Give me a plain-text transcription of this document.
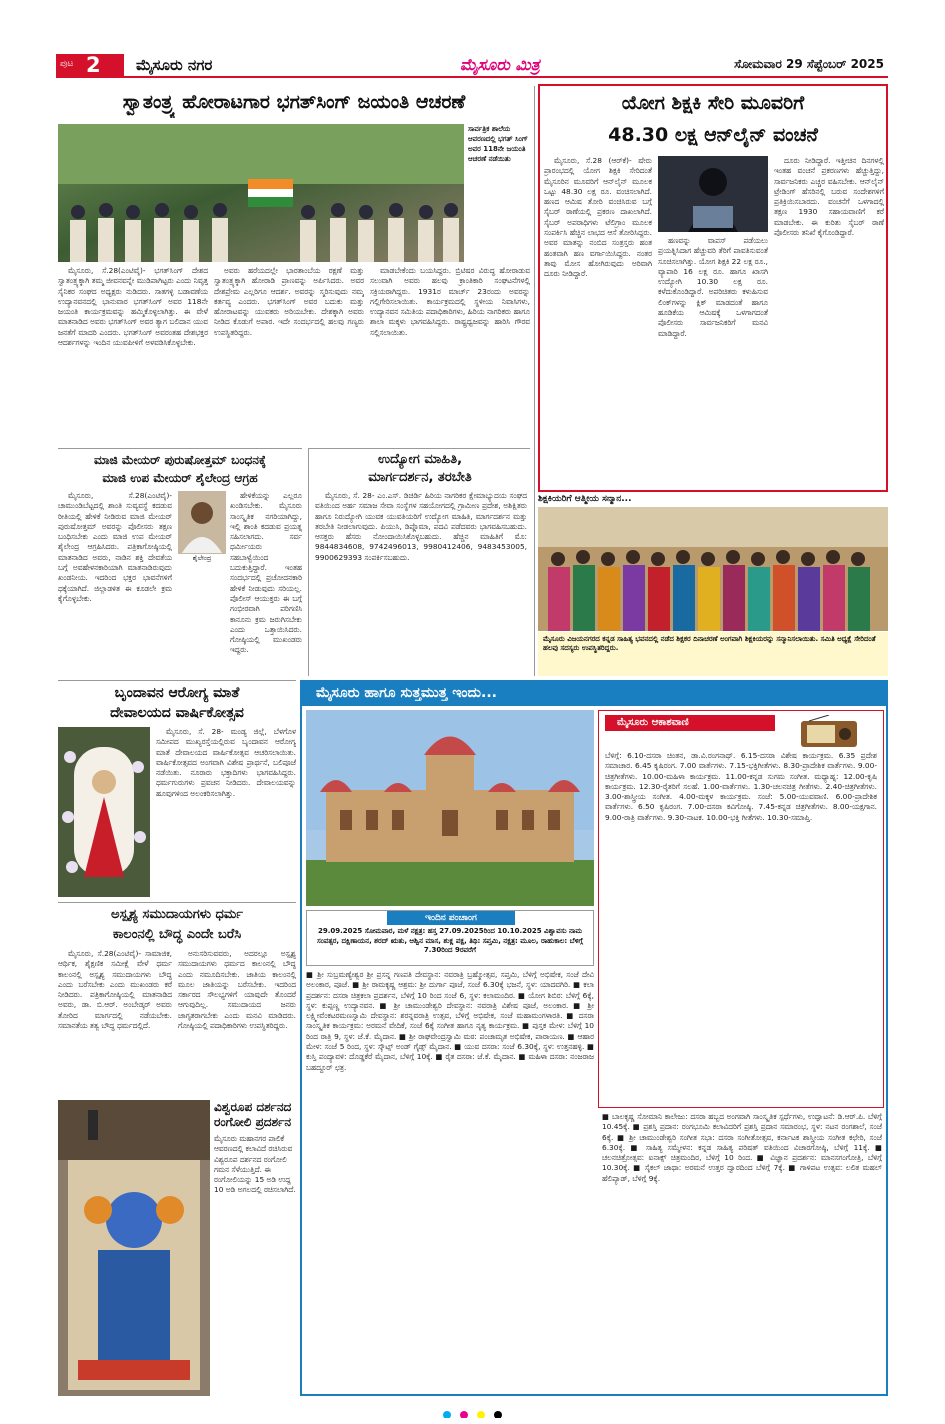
ಪುಟ 2 ಮೈಸೂರು ನಗರ	ಮೈಸೂರು ಮಿತ್ರ	ಸೋಮವಾರ 29 ಸೆಪ್ಟೆಂಬರ್ 2025
ಸ್ವಾತಂತ್ರ್ಯ ಹೋರಾಟಗಾರ ಭಗತ್‌ಸಿಂಗ್ ಜಯಂತಿ ಆಚರಣೆ
ಸಾರ್ವತ್ರಿಕ ಶಾಲೆಯ ಆವರಣದಲ್ಲಿ ಭಗತ್ ಸಿಂಗ್ ಅವರ 118ನೇ ಜಯಂತಿ ಆಚರಣೆ ನಡೆಯಿತು

ಮೈಸೂರು, ಸೆ.28(ಎಂಟಿವೈ)- ಭಗತ್‌ಸಿಂಗ್ ದೇಶದ ಸ್ವಾತಂತ್ರ್ಯಕ್ಕಾಗಿ ತಮ್ಮ ಜೀವನವನ್ನೇ ಮುಡಿಪಾಗಿಟ್ಟರು ಎಂದು ನಿವೃತ್ತ ಸೈನಿಕರ ಸಂಘದ ಅಧ್ಯಕ್ಷರು ನುಡಿದರು. ಸಾತಗಳ್ಳಿ ಬಡಾವಣೆಯ ಉದ್ಯಾನವನದಲ್ಲಿ ಭಾನುವಾರ ಭಗತ್‌ಸಿಂಗ್ ಅವರ 118ನೇ ಜಯಂತಿ ಕಾರ್ಯಕ್ರಮವನ್ನು ಹಮ್ಮಿಕೊಳ್ಳಲಾಗಿತ್ತು. ಈ ವೇಳೆ ಮಾತನಾಡಿದ ಅವರು ಭಗತ್‌ಸಿಂಗ್ ಅವರ ತ್ಯಾಗ ಬಲಿದಾನ ಯುವ ಜನತೆಗೆ ಮಾದರಿ ಎಂದರು. ಭಗತ್‌ಸಿಂಗ್ ಅವರಂತಹ ದೇಶಭಕ್ತರ ಆದರ್ಶಗಳನ್ನು ಇಂದಿನ ಯುವಪೀಳಿಗೆ ಅಳವಡಿಸಿಕೊಳ್ಳಬೇಕು.

ಅವರು ಹರೆಯದಲ್ಲೇ ಭಾರತಾಂಬೆಯ ರಕ್ಷಣೆ ಮತ್ತು ಸ್ವಾತಂತ್ರ್ಯಕ್ಕಾಗಿ ಹೋರಾಡಿ ಪ್ರಾಣವನ್ನು ಅರ್ಪಿಸಿದರು. ಅವರ ದೇಶಪ್ರೇಮ ಎಲ್ಲರಿಗೂ ಆದರ್ಶ. ಅವರನ್ನು ಸ್ಮರಿಸುವುದು ನಮ್ಮ ಕರ್ತವ್ಯ ಎಂದರು. ಭಗತ್‌ಸಿಂಗ್ ಅವರ ಬದುಕು ಮತ್ತು ಹೋರಾಟವನ್ನು ಯುವಕರು ಅರಿಯಬೇಕು. ದೇಶಕ್ಕಾಗಿ ಅವರು ನೀಡಿದ ಕೊಡುಗೆ ಅಪಾರ. ಇದೇ ಸಂದರ್ಭದಲ್ಲಿ ಹಲವು ಗಣ್ಯರು ಉಪಸ್ಥಿತರಿದ್ದರು.

ಮಾಡಬೇಕೆಂದು ಬಯಸಿದ್ದರು. ಬ್ರಿಟಿಷರ ವಿರುದ್ಧ ಹೋರಾಡುವ ಸಲುವಾಗಿ ಅವರು ಹಲವು ಕ್ರಾಂತಿಕಾರಿ ಸಂಘಟನೆಗಳಲ್ಲಿ ಸಕ್ರಿಯರಾಗಿದ್ದರು. 1931ರ ಮಾರ್ಚ್ 23ರಂದು ಅವರನ್ನು ಗಲ್ಲಿಗೇರಿಸಲಾಯಿತು. ಕಾರ್ಯಕ್ರಮದಲ್ಲಿ ಸ್ಥಳೀಯ ನಿವಾಸಿಗಳು, ಉದ್ಯಾನವನ ಸಮಿತಿಯ ಪದಾಧಿಕಾರಿಗಳು, ಹಿರಿಯ ನಾಗರಿಕರು ಹಾಗೂ ಶಾಲಾ ಮಕ್ಕಳು ಭಾಗವಹಿಸಿದ್ದರು. ರಾಷ್ಟ್ರಧ್ವಜವನ್ನು ಹಾರಿಸಿ ಗೌರವ ಸಲ್ಲಿಸಲಾಯಿತು.

ಯೋಗ ಶಿಕ್ಷಕಿ ಸೇರಿ ಮೂವರಿಗೆ
48.30 ಲಕ್ಷ ಆನ್‌ಲೈನ್ ವಂಚನೆ

ಮೈಸೂರು, ಸೆ.28 (ಆರ್‌ಕೆ)- ಷೇರು ಪ್ರಾರಂಭದಲ್ಲಿ ಯೋಗ ಶಿಕ್ಷಕಿ ಸೇರಿದಂತೆ ಮೈಸೂರಿನ ಮೂವರಿಗೆ ಆನ್‌ಲೈನ್ ಮೂಲಕ ಒಟ್ಟು 48.30 ಲಕ್ಷ ರೂ. ವಂಚಿಸಲಾಗಿದೆ. ಹಣದ ಆಮಿಷ ತೋರಿ ವಂಚಿಸಿರುವ ಬಗ್ಗೆ ಸೈಬರ್ ಠಾಣೆಯಲ್ಲಿ ಪ್ರಕರಣ ದಾಖಲಾಗಿದೆ. ಸೈಬರ್ ಅಪರಾಧಿಗಳು ಟೆಲಿಗ್ರಾಂ ಮೂಲಕ ಸಂಪರ್ಕಿಸಿ ಹೆಚ್ಚಿನ ಲಾಭದ ಆಸೆ ತೋರಿಸಿದ್ದರು. ಅವರ ಮಾತನ್ನು ನಂಬಿದ ಸಂತ್ರಸ್ತರು ಹಂತ ಹಂತವಾಗಿ ಹಣ ವರ್ಗಾಯಿಸಿದ್ದರು. ನಂತರ ತಾವು ಮೋಸ ಹೋಗಿರುವುದು ಅರಿವಾಗಿ ದೂರು ನೀಡಿದ್ದಾರೆ.

ಹಣವನ್ನು ವಾಪಸ್ ಪಡೆಯಲು ಪ್ರಯತ್ನಿಸಿದಾಗ ಹೆಚ್ಚುವರಿ ತೆರಿಗೆ ಪಾವತಿಸುವಂತೆ ಸೂಚಿಸಲಾಗಿತ್ತು. ಯೋಗ ಶಿಕ್ಷಕಿ 22 ಲಕ್ಷ ರೂ., ವ್ಯಾಪಾರಿ 16 ಲಕ್ಷ ರೂ. ಹಾಗೂ ಖಾಸಗಿ ಉದ್ಯೋಗಿ 10.30 ಲಕ್ಷ ರೂ. ಕಳೆದುಕೊಂಡಿದ್ದಾರೆ. ಅಪರಿಚಿತರು ಕಳುಹಿಸುವ ಲಿಂಕ್‌ಗಳನ್ನು ಕ್ಲಿಕ್ ಮಾಡದಂತೆ ಹಾಗೂ ಹೂಡಿಕೆಯ ಆಮಿಷಕ್ಕೆ ಒಳಗಾಗದಂತೆ ಪೊಲೀಸರು ಸಾರ್ವಜನಿಕರಿಗೆ ಮನವಿ ಮಾಡಿದ್ದಾರೆ.

ದೂರು ನೀಡಿದ್ದಾರೆ. ಇತ್ತೀಚಿನ ದಿನಗಳಲ್ಲಿ ಇಂತಹ ವಂಚನೆ ಪ್ರಕರಣಗಳು ಹೆಚ್ಚುತ್ತಿದ್ದು, ಸಾರ್ವಜನಿಕರು ಎಚ್ಚರ ವಹಿಸಬೇಕು. ಆನ್‌ಲೈನ್ ಟ್ರೇಡಿಂಗ್ ಹೆಸರಿನಲ್ಲಿ ಬರುವ ಸಂದೇಶಗಳಿಗೆ ಪ್ರತಿಕ್ರಿಯಿಸಬಾರದು. ವಂಚನೆಗೆ ಒಳಗಾದಲ್ಲಿ ತಕ್ಷಣ 1930 ಸಹಾಯವಾಣಿಗೆ ಕರೆ ಮಾಡಬೇಕು. ಈ ಕುರಿತು ಸೈಬರ್ ಠಾಣೆ ಪೊಲೀಸರು ತನಿಖೆ ಕೈಗೊಂಡಿದ್ದಾರೆ.

ಮಾಜಿ ಮೇಯರ್ ಪುರುಷೋತ್ತಮ್ ಬಂಧನಕ್ಕೆ
ಮಾಜಿ ಉಪ ಮೇಯರ್ ಶೈಲೇಂದ್ರ ಆಗ್ರಹ

ಮೈಸೂರು, ಸೆ.28(ಎಂಟಿವೈ)- ಚಾಮುಂಡಿಬೆಟ್ಟದಲ್ಲಿ ಶಾಂತಿ ಸುವ್ಯವಸ್ಥೆ ಕದಡುವ ರೀತಿಯಲ್ಲಿ ಹೇಳಿಕೆ ನೀಡಿರುವ ಮಾಜಿ ಮೇಯರ್ ಪುರುಷೋತ್ತಮ್ ಅವರನ್ನು ಪೊಲೀಸರು ತಕ್ಷಣ ಬಂಧಿಸಬೇಕು ಎಂದು ಮಾಜಿ ಉಪ ಮೇಯರ್ ಶೈಲೇಂದ್ರ ಆಗ್ರಹಿಸಿದರು. ಪತ್ರಿಕಾಗೋಷ್ಠಿಯಲ್ಲಿ ಮಾತನಾಡಿದ ಅವರು, ನಾಡಿನ ಶಕ್ತಿ ದೇವತೆಯ ಬಗ್ಗೆ ಅವಹೇಳನಕಾರಿಯಾಗಿ ಮಾತನಾಡಿರುವುದು ಖಂಡನೀಯ. ಇದರಿಂದ ಭಕ್ತರ ಭಾವನೆಗಳಿಗೆ ಧಕ್ಕೆಯಾಗಿದೆ. ಜಿಲ್ಲಾಡಳಿತ ಈ ಕೂಡಲೇ ಕ್ರಮ ಕೈಗೊಳ್ಳಬೇಕು.

ಶೈಲೇಂದ್ರ

ಹೇಳಿಕೆಯನ್ನು ಎಲ್ಲರೂ ಖಂಡಿಸಬೇಕು. ಮೈಸೂರು ಸಾಂಸ್ಕೃತಿಕ ನಗರಿಯಾಗಿದ್ದು, ಇಲ್ಲಿ ಶಾಂತಿ ಕದಡುವ ಪ್ರಯತ್ನ ಸಹಿಸಲಾಗದು. ಸರ್ವ ಧರ್ಮೀಯರು ಸಹಬಾಳ್ವೆಯಿಂದ ಬದುಕುತ್ತಿದ್ದಾರೆ. ಇಂತಹ ಸಂದರ್ಭದಲ್ಲಿ ಪ್ರಚೋದನಕಾರಿ ಹೇಳಿಕೆ ನೀಡುವುದು ಸರಿಯಲ್ಲ. ಪೊಲೀಸ್ ಆಯುಕ್ತರು ಈ ಬಗ್ಗೆ ಗಂಭೀರವಾಗಿ ಪರಿಗಣಿಸಿ ಕಾನೂನು ಕ್ರಮ ಜರುಗಿಸಬೇಕು ಎಂದು ಒತ್ತಾಯಿಸಿದರು. ಗೋಷ್ಠಿಯಲ್ಲಿ ಮುಖಂಡರು ಇದ್ದರು.

ಉದ್ಯೋಗ ಮಾಹಿತಿ,
ಮಾರ್ಗದರ್ಶನ, ತರಬೇತಿ

ಮೈಸೂರು, ಸೆ. 28- ಎಂ.ಎಸ್. ಡಿಚಿರ್ಡಿ ಹಿರಿಯ ನಾಗರಿಕರ ಕ್ಷೇಮಾಭ್ಯುದಯ ಸಂಘದ ವತಿಯಿಂದ ಅರ್ಹ ಸಮಾಜ ಸೇವಾ ಸಂಸ್ಥೆಗಳ ಸಹಯೋಗದಲ್ಲಿ ಗ್ರಾಮೀಣ ಪ್ರದೇಶ, ಅಶಿಕ್ಷಿತರು ಹಾಗೂ ನಿರುದ್ಯೋಗಿ ಯುವಕ ಯುವತಿಯರಿಗೆ ಉದ್ಯೋಗ ಮಾಹಿತಿ, ಮಾರ್ಗದರ್ಶನ ಮತ್ತು ತರಬೇತಿ ನೀಡಲಾಗುವುದು. ಪಿಯುಸಿ, ಡಿಪ್ಲೊಮಾ, ಪದವಿ ಪಡೆದವರು ಭಾಗವಹಿಸಬಹುದು. ಆಸಕ್ತರು ಹೆಸರು ನೋಂದಾಯಿಸಿಕೊಳ್ಳಬಹುದು. ಹೆಚ್ಚಿನ ಮಾಹಿತಿಗೆ ಮೊ: 9844834608, 9742496013, 9980412406, 9483453005, 9900629393 ಸಂಪರ್ಕಿಸಬಹುದು.

ಶಿಕ್ಷಕಿಯರಿಗೆ ಆತ್ಮೀಯ ಸನ್ಮಾನ...
ಮೈಸೂರು ವಿಜಯನಗರದ ಕನ್ನಡ ಸಾಹಿತ್ಯ ಭವನದಲ್ಲಿ ನಡೆದ ಶಿಕ್ಷಕರ ದಿನಾಚರಣೆ ಅಂಗವಾಗಿ ಶಿಕ್ಷಕಿಯರನ್ನು ಸನ್ಮಾನಿಸಲಾಯಿತು. ಸಮಿತಿ ಅಧ್ಯಕ್ಷೆ ಸೇರಿದಂತೆ ಹಲವು ಸದಸ್ಯರು ಉಪಸ್ಥಿತರಿದ್ದರು.
ಬೃಂದಾವನ ಆರೋಗ್ಯ ಮಾತೆ
ದೇವಾಲಯದ ವಾರ್ಷಿಕೋತ್ಸವ

ಮೈಸೂರು, ಸೆ. 28- ಮಂಡ್ಯ ಜಿಲ್ಲೆ, ಬೆಳಗೊಳ ಸಮೀಪದ ಮುಖ್ಯರಸ್ತೆಯಲ್ಲಿರುವ ಬೃಂದಾವನ ಆರೋಗ್ಯ ಮಾತೆ ದೇವಾಲಯದ ವಾರ್ಷಿಕೋತ್ಸವ ಆಚರಿಸಲಾಯಿತು. ವಾರ್ಷಿಕೋತ್ಸವದ ಅಂಗವಾಗಿ ವಿಶೇಷ ಪ್ರಾರ್ಥನೆ, ಬಲಿಪೂಜೆ ನಡೆಯಿತು. ನೂರಾರು ಭಕ್ತಾದಿಗಳು ಭಾಗವಹಿಸಿದ್ದರು. ಧರ್ಮಗುರುಗಳು ಪ್ರವಚನ ನೀಡಿದರು. ದೇವಾಲಯವನ್ನು ಹೂವುಗಳಿಂದ ಅಲಂಕರಿಸಲಾಗಿತ್ತು.

ಅಸ್ಪೃಶ್ಯ ಸಮುದಾಯಗಳು ಧರ್ಮ
ಕಾಲಂನಲ್ಲಿ ಬೌದ್ಧ ಎಂದೇ ಬರೆಸಿ

ಮೈಸೂರು, ಸೆ.28(ಎಂಟಿವೈ)- ಸಾಮಾಜಿಕ, ಆರ್ಥಿಕ, ಶೈಕ್ಷಣಿಕ ಸಮೀಕ್ಷೆ ವೇಳೆ ಧರ್ಮ ಕಾಲಂನಲ್ಲಿ ಅಸ್ಪೃಶ್ಯ ಸಮುದಾಯಗಳು ಬೌದ್ಧ ಎಂದು ಬರೆಸಬೇಕು ಎಂದು ಮುಖಂಡರು ಕರೆ ನೀಡಿದರು. ಪತ್ರಿಕಾಗೋಷ್ಠಿಯಲ್ಲಿ ಮಾತನಾಡಿದ ಅವರು, ಡಾ. ಬಿ.ಆರ್. ಅಂಬೇಡ್ಕರ್ ಅವರು ತೋರಿದ ಮಾರ್ಗದಲ್ಲಿ ನಡೆಯಬೇಕು. ಸಮಾನತೆಯ ತತ್ವ ಬೌದ್ಧ ಧರ್ಮದಲ್ಲಿದೆ.

ಅನುಸರಿಸುವವರು, ಅದರಲ್ಲೂ ಅಸ್ಪೃಶ್ಯ ಸಮುದಾಯಗಳು ಧರ್ಮದ ಕಾಲಂನಲ್ಲಿ ಬೌದ್ಧ ಎಂದು ನಮೂದಿಸಬೇಕು. ಜಾತಿಯ ಕಾಲಂನಲ್ಲಿ ಮೂಲ ಜಾತಿಯನ್ನು ಬರೆಸಬೇಕು. ಇದರಿಂದ ಸರ್ಕಾರದ ಸೌಲಭ್ಯಗಳಿಗೆ ಯಾವುದೇ ತೊಂದರೆ ಆಗುವುದಿಲ್ಲ. ಸಮುದಾಯದ ಜನರು ಜಾಗೃತರಾಗಬೇಕು ಎಂದು ಮನವಿ ಮಾಡಿದರು. ಗೋಷ್ಠಿಯಲ್ಲಿ ಪದಾಧಿಕಾರಿಗಳು ಉಪಸ್ಥಿತರಿದ್ದರು.

ವಿಶ್ವರೂಪ ದರ್ಶನದ ರಂಗೋಲಿ ಪ್ರದರ್ಶನ
ಮೈಸೂರು ಮಹಾನಗರ ಪಾಲಿಕೆ ಆವರಣದಲ್ಲಿ ಕಲಾವಿದೆ ರಚಿಸಿರುವ ವಿಶ್ವರೂಪ ದರ್ಶನದ ರಂಗೋಲಿ ಗಮನ ಸೆಳೆಯುತ್ತಿದೆ. ಈ ರಂಗೋಲಿಯನ್ನು 15 ಅಡಿ ಉದ್ದ 10 ಅಡಿ ಅಗಲದಲ್ಲಿ ರಚಿಸಲಾಗಿದೆ.
ಮೈಸೂರು ಹಾಗೂ ಸುತ್ತಮುತ್ತ ಇಂದು...
ಮೈಸೂರು ಆಕಾಶವಾಣಿ
ಬೆಳಿಗ್ಗೆ: 6.10-ದಸರಾ ಚಿಂತನ, ಡಾ.ವಿ.ರಂಗನಾಥ್. 6.15-ದಸರಾ ವಿಶೇಷ ಕಾರ್ಯಕ್ರಮ. 6.35 ಪ್ರದೇಶ ಸಮಾಚಾರ. 6.45 ಕೃಷಿರಂಗ. 7.00 ವಾರ್ತೆಗಳು. 7.15-ಭಕ್ತಿಗೀತೆಗಳು. 8.30-ಪ್ರಾದೇಶಿಕ ವಾರ್ತೆಗಳು. 9.00-ಚಿತ್ರಗೀತೆಗಳು. 10.00-ಮಹಿಳಾ ಕಾರ್ಯಕ್ರಮ. 11.00-ಕನ್ನಡ ಸುಗಮ ಸಂಗೀತ. ಮಧ್ಯಾಹ್ನ: 12.00-ಕೃಷಿ ಕಾರ್ಯಕ್ರಮ. 12.30-ರೈತರಿಗೆ ಸಲಹೆ. 1.00-ವಾರ್ತೆಗಳು. 1.30-ಚಲನಚಿತ್ರ ಗೀತೆಗಳು. 2.40-ಚಿತ್ರಗೀತೆಗಳು. 3.00-ಶಾಸ್ತ್ರೀಯ ಸಂಗೀತ. 4.00-ಮಕ್ಕಳ ಕಾರ್ಯಕ್ರಮ. ಸಂಜೆ: 5.00-ಯುವವಾಣಿ. 6.00-ಪ್ರಾದೇಶಿಕ ವಾರ್ತೆಗಳು. 6.50 ಕೃಷಿರಂಗ. 7.00-ದಸರಾ ಕವಿಗೋಷ್ಠಿ. 7.45-ಕನ್ನಡ ಚಿತ್ರಗೀತೆಗಳು. 8.00-ಯಕ್ಷಗಾನ. 9.00-ರಾತ್ರಿ ವಾರ್ತೆಗಳು. 9.30-ನಾಟಕ. 10.00-ಭಕ್ತಿ ಗೀತೆಗಳು. 10.30-ಸಮಾಪ್ತಿ.
ಇಂದಿನ ಪಂಚಾಂಗ
29.09.2025 ಸೋಮವಾರ, ಮಳೆ ನಕ್ಷತ್ರ: ಹಸ್ತ 27.09.2025ರಿಂದ 10.10.2025 ವಿಶ್ವಾವಸು ನಾಮ ಸಂವತ್ಸರ, ದಕ್ಷಿಣಾಯನ, ಶರದ್ ಋತು, ಆಶ್ವಿನ ಮಾಸ, ಶುಕ್ಲ ಪಕ್ಷ, ತಿಥಿ: ಸಪ್ತಮಿ, ನಕ್ಷತ್ರ: ಮೂಲ, ರಾಹುಕಾಲ: ಬೆಳಿಗ್ಗೆ 7.30ರಿಂದ 9ರವರೆಗೆ
■ ಶ್ರೀ ಸುಬ್ರಮಣ್ಯೇಶ್ವರ ಶ್ರೀ ಪ್ರಸನ್ನ ಗಣಪತಿ ದೇವಸ್ಥಾನ: ನವರಾತ್ರಿ ಬ್ರಹ್ಮೋತ್ಸವ, ಸಪ್ತಮಿ, ಬೆಳಿಗ್ಗೆ ಅಭಿಷೇಕ, ಸಂಜೆ ದೇವಿ ಅಲಂಕಾರ, ಪೂಜೆ. ■ ಶ್ರೀ ರಾಮಕೃಷ್ಣ ಆಶ್ರಮ: ಶ್ರೀ ದುರ್ಗಾ ಪೂಜೆ, ಸಂಜೆ 6.30ಕ್ಕೆ ಭಜನೆ, ಸ್ಥಳ: ಯಾದವಗಿರಿ. ■ ಕಲಾ ಪ್ರದರ್ಶನ: ದಸರಾ ಚಿತ್ರಕಲಾ ಪ್ರದರ್ಶನ, ಬೆಳಿಗ್ಗೆ 10 ರಿಂದ ಸಂಜೆ 6, ಸ್ಥಳ: ಕಲಾಮಂದಿರ. ■ ಯೋಗ ಶಿಬಿರ: ಬೆಳಿಗ್ಗೆ 6ಕ್ಕೆ, ಸ್ಥಳ: ಕುಪ್ಪಣ್ಣ ಉದ್ಯಾನವನ. ■ ಶ್ರೀ ಚಾಮುಂಡೇಶ್ವರಿ ದೇವಸ್ಥಾನ: ನವರಾತ್ರಿ ವಿಶೇಷ ಪೂಜೆ, ಅಲಂಕಾರ. ■ ಶ್ರೀ ಲಕ್ಷ್ಮೀವೆಂಕಟರಮಣಸ್ವಾಮಿ ದೇವಸ್ಥಾನ: ಶರನ್ನವರಾತ್ರಿ ಉತ್ಸವ, ಬೆಳಿಗ್ಗೆ ಅಭಿಷೇಕ, ಸಂಜೆ ಮಹಾಮಂಗಳಾರತಿ. ■ ದಸರಾ ಸಾಂಸ್ಕೃತಿಕ ಕಾರ್ಯಕ್ರಮ: ಅರಮನೆ ವೇದಿಕೆ, ಸಂಜೆ 6ಕ್ಕೆ ಸಂಗೀತ ಹಾಗೂ ನೃತ್ಯ ಕಾರ್ಯಕ್ರಮ. ■ ಪುಸ್ತಕ ಮೇಳ: ಬೆಳಿಗ್ಗೆ 10 ರಿಂದ ರಾತ್ರಿ 9, ಸ್ಥಳ: ಜೆ.ಕೆ. ಮೈದಾನ. ■ ಶ್ರೀ ರಾಘವೇಂದ್ರಸ್ವಾಮಿ ಮಠ: ಪಂಚಾಮೃತ ಅಭಿಷೇಕ, ಪಾರಾಯಣ. ■ ಆಹಾರ ಮೇಳ: ಸಂಜೆ 5 ರಿಂದ, ಸ್ಥಳ: ಸ್ಕೌಟ್ಸ್ ಅಂಡ್ ಗೈಡ್ಸ್ ಮೈದಾನ. ■ ಯುವ ದಸರಾ: ಸಂಜೆ 6.30ಕ್ಕೆ, ಸ್ಥಳ: ಉತ್ತನಹಳ್ಳಿ. ■ ಕುಸ್ತಿ ಪಂದ್ಯಾವಳಿ: ದೊಡ್ಡಕೆರೆ ಮೈದಾನ, ಬೆಳಿಗ್ಗೆ 10ಕ್ಕೆ. ■ ರೈತ ದಸರಾ: ಜೆ.ಕೆ. ಮೈದಾನ. ■ ಮಹಿಳಾ ದಸರಾ: ನಂಜರಾಜ ಬಹದ್ದೂರ್ ಛತ್ರ.
■ ಬಾಲಕೃಷ್ಣ ಸೋಮಾನಿ ಕಾಲೇಜು: ದಸರಾ ಹಬ್ಬದ ಅಂಗವಾಗಿ ಸಾಂಸ್ಕೃತಿಕ ಸ್ಪರ್ಧೆಗಳು, ಉದ್ಘಾಟನೆ: ಡಿ.ಆರ್.ಪಿ. ಬೆಳಿಗ್ಗೆ 10.45ಕ್ಕೆ. ■ ಪ್ರಶಸ್ತಿ ಪ್ರದಾನ: ರಂಗಭೂಮಿ ಕಲಾವಿದರಿಗೆ ಪ್ರಶಸ್ತಿ ಪ್ರದಾನ ಸಮಾರಂಭ, ಸ್ಥಳ: ನಟನ ರಂಗಶಾಲೆ, ಸಂಜೆ 6ಕ್ಕೆ. ■ ಶ್ರೀ ಚಾಮುಂಡೇಶ್ವರಿ ಸಂಗೀತ ಸಭಾ: ದಸರಾ ಸಂಗೀತೋತ್ಸವ, ಕರ್ನಾಟಕ ಶಾಸ್ತ್ರೀಯ ಸಂಗೀತ ಕಛೇರಿ, ಸಂಜೆ 6.30ಕ್ಕೆ. ■ ಸಾಹಿತ್ಯ ಸಮ್ಮೇಳನ: ಕನ್ನಡ ಸಾಹಿತ್ಯ ಪರಿಷತ್ ವತಿಯಿಂದ ವಿಚಾರಗೋಷ್ಠಿ, ಬೆಳಿಗ್ಗೆ 11ಕ್ಕೆ. ■ ಚಲನಚಿತ್ರೋತ್ಸವ: ಐನಾಕ್ಸ್ ಚಿತ್ರಮಂದಿರ, ಬೆಳಿಗ್ಗೆ 10 ರಿಂದ. ■ ವಿಜ್ಞಾನ ಪ್ರದರ್ಶನ: ಮಾನಸಗಂಗೋತ್ರಿ, ಬೆಳಿಗ್ಗೆ 10.30ಕ್ಕೆ. ■ ಸೈಕಲ್ ಜಾಥಾ: ಅರಮನೆ ಉತ್ತರ ದ್ವಾರದಿಂದ ಬೆಳಿಗ್ಗೆ 7ಕ್ಕೆ. ■ ಗಾಳಿಪಟ ಉತ್ಸವ: ಲಲಿತ ಮಹಲ್ ಹೆಲಿಪ್ಯಾಡ್, ಬೆಳಿಗ್ಗೆ 9ಕ್ಕೆ.
